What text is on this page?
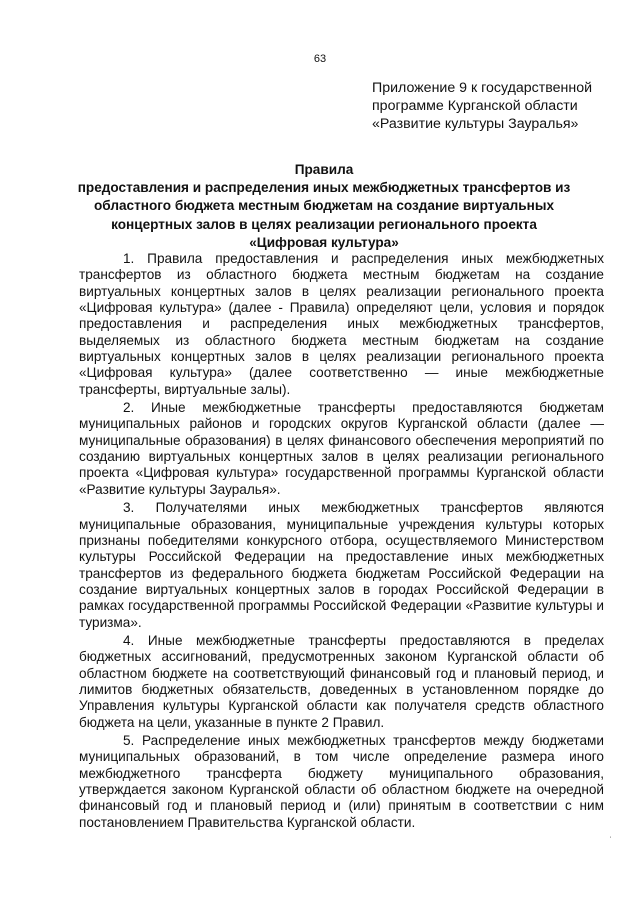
63
Приложение 9 к государственной
программе Курганской области
«Развитие культуры Зауралья»
Правила
предоставления и распределения иных межбюджетных трансфертов из
областного бюджета местным бюджетам на создание виртуальных
концертных залов в целях реализации регионального проекта
«Цифровая культура»

1. Правила предоставления и распределения иных межбюджетных трансфертов из областного бюджета местным бюджетам на создание виртуальных концертных залов в целях реализации регионального проекта «Цифровая культура» (далее - Правила) определяют цели, условия и порядок предоставления и распределения иных межбюджетных трансфертов, выделяемых из областного бюджета местным бюджетам на создание виртуальных концертных залов в целях реализации регионального проекта «Цифровая культура» (далее соответственно — иные межбюджетные трансферты, виртуальные залы).

2. Иные межбюджетные трансферты предоставляются бюджетам муниципальных районов и городских округов Курганской области (далее — муниципальные образования) в целях финансового обеспечения мероприятий по созданию виртуальных концертных залов в целях реализации регионального проекта «Цифровая культура» государственной программы Курганской области «Развитие культуры Зауралья».

3. Получателями иных межбюджетных трансфертов являются муниципальные образования, муниципальные учреждения культуры которых признаны победителями конкурсного отбора, осуществляемого Министерством культуры Российской Федерации на предоставление иных межбюджетных трансфертов из федерального бюджета бюджетам Российской Федерации на создание виртуальных концертных залов в городах Российской Федерации в рамках государственной программы Российской Федерации «Развитие культуры и туризма».

4. Иные межбюджетные трансферты предоставляются в пределах бюджетных ассигнований, предусмотренных законом Курганской области об областном бюджете на соответствующий финансовый год и плановый период, и лимитов бюджетных обязательств, доведенных в установленном порядке до Управления культуры Курганской области как получателя средств областного бюджета на цели, указанные в пункте 2 Правил.

5. Распределение иных межбюджетных трансфертов между бюджетами муниципальных образований, в том числе определение размера иного межбюджетного трансферта бюджету муниципального образования, утверждается законом Курганской области об областном бюджете на очередной финансовый год и плановый период и (или) принятым в соответствии с ним постановлением Правительства Курганской области.

ˌ
